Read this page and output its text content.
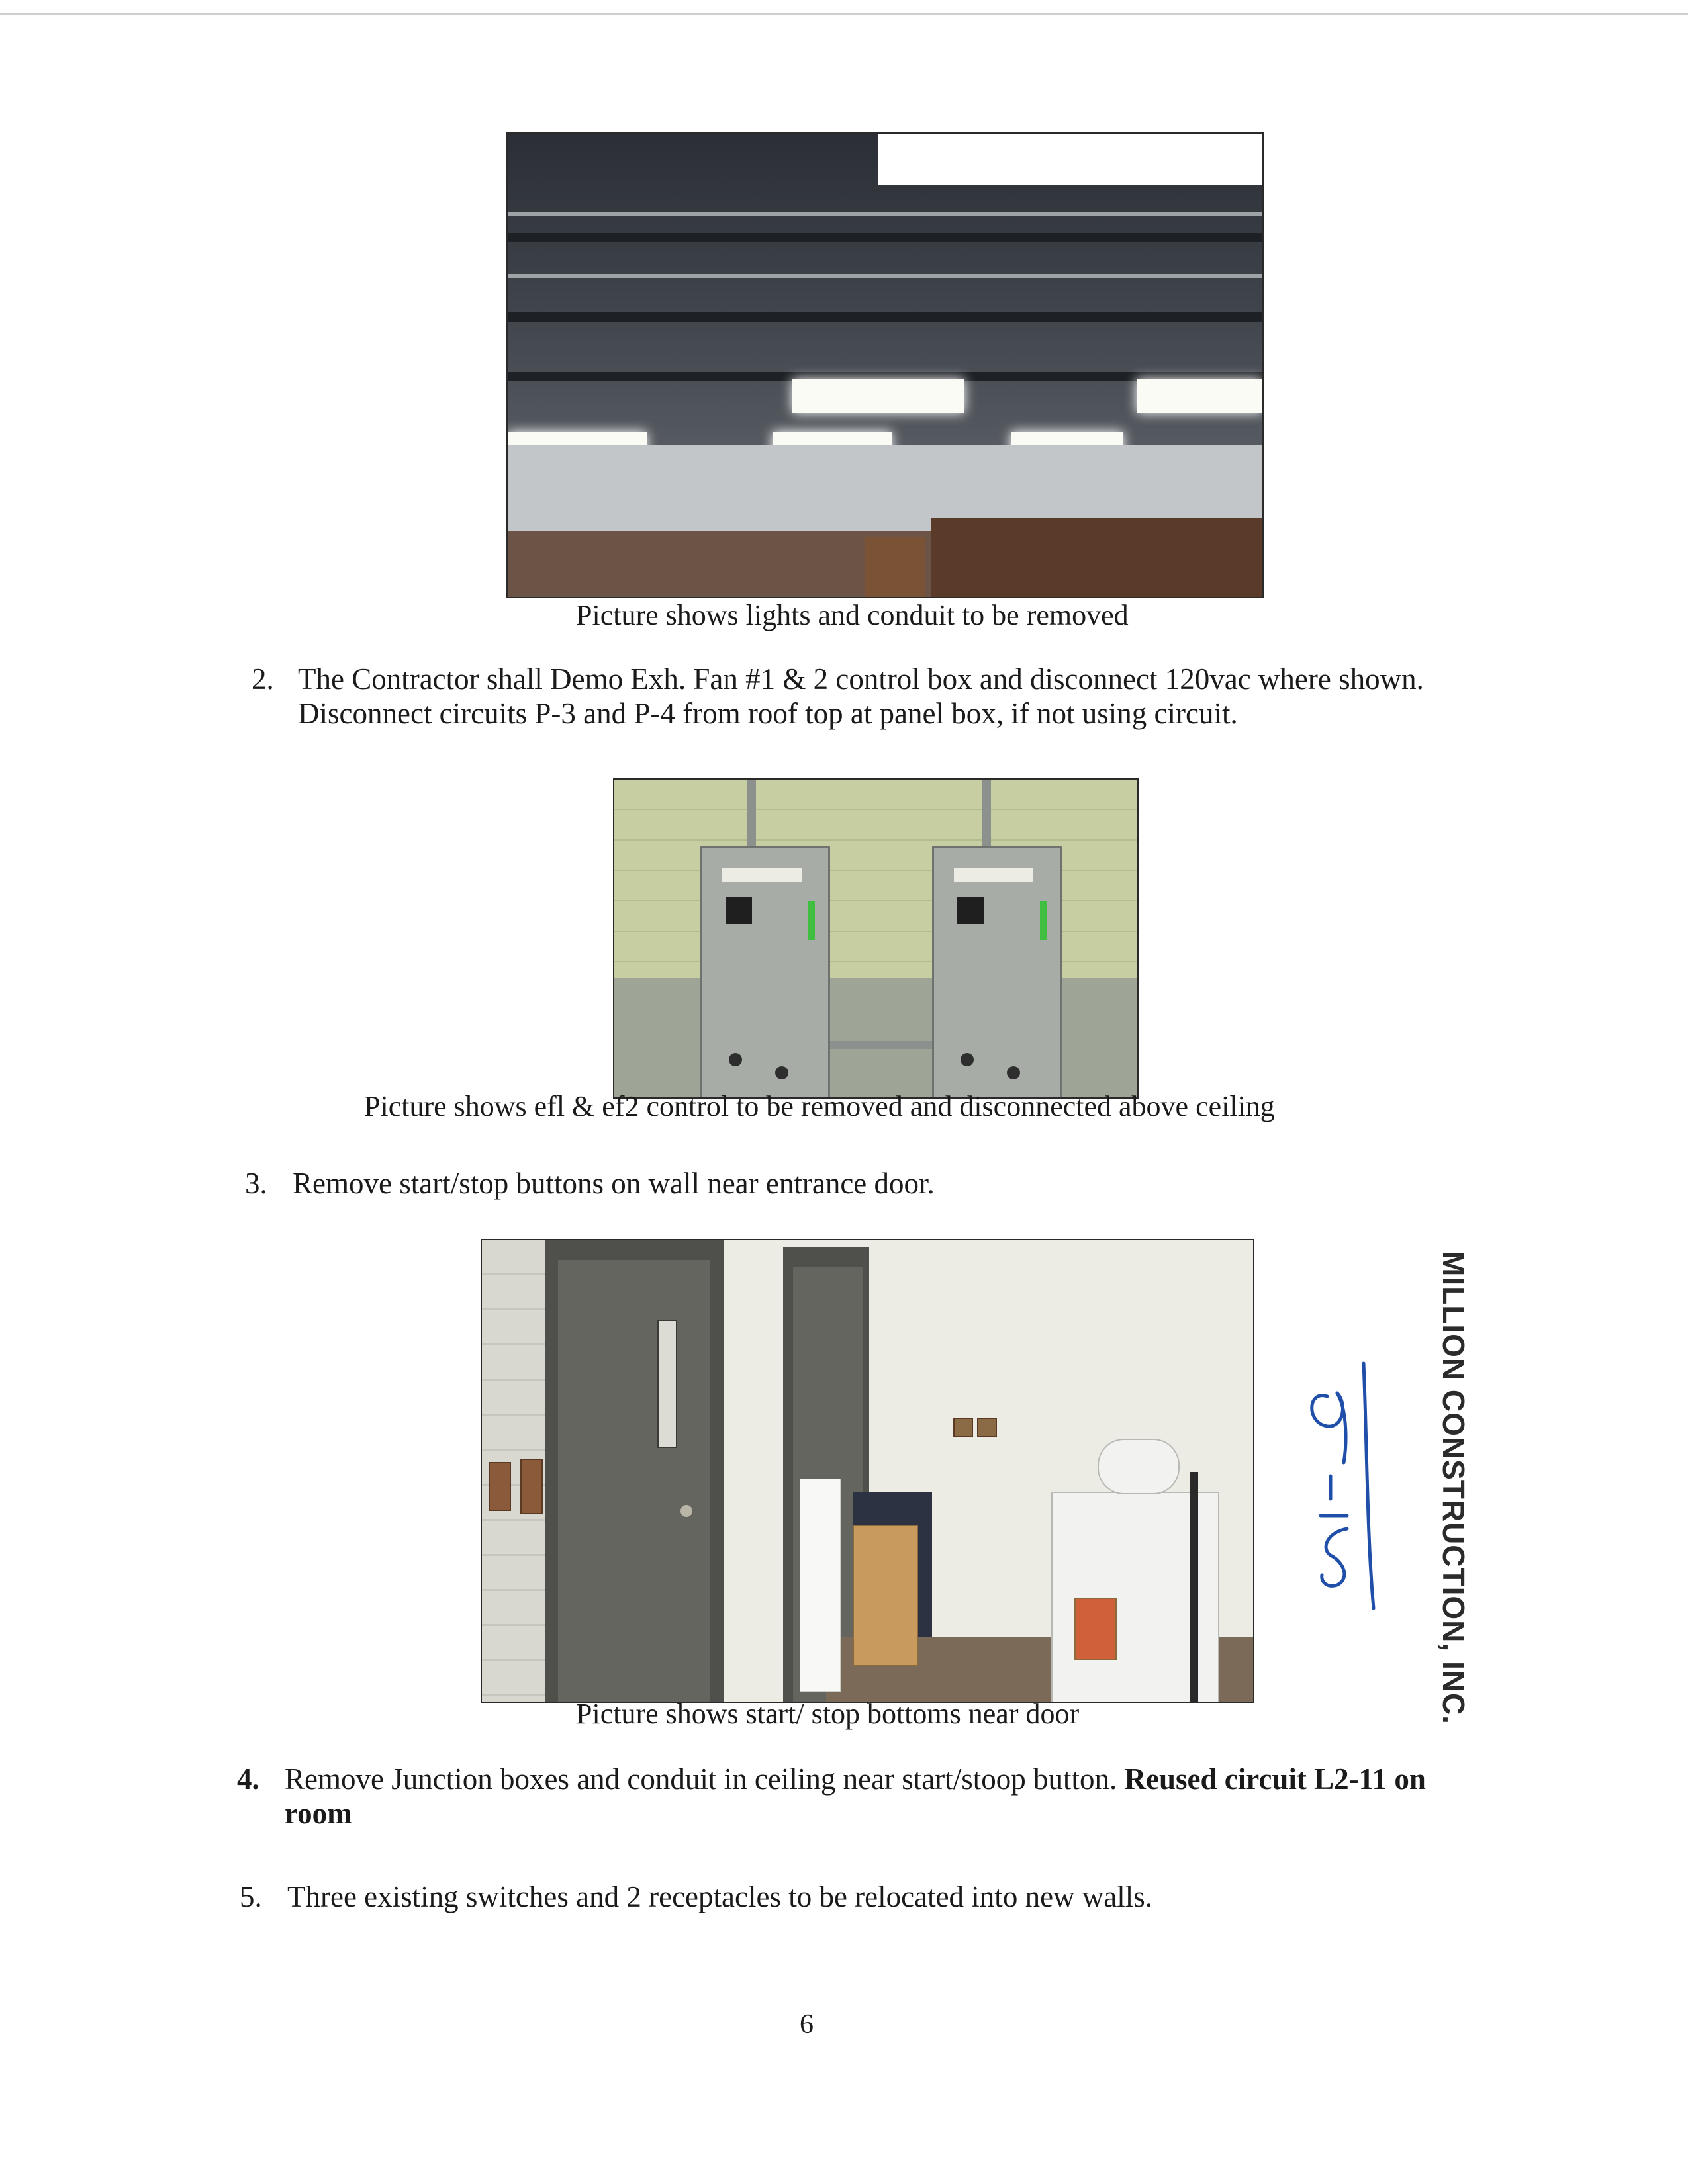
Picture shows lights and conduit to be removed
2. The Contractor shall Demo Exh. Fan #1 & 2 control box and disconnect 120vac where shown. Disconnect circuits P-3 and P-4 from roof top at panel box, if not using circuit.
Picture shows efl & ef2 control to be removed and disconnected above ceiling
3. Remove start/stop buttons on wall near entrance door.
Picture shows start/ stop bottoms near door
4. Remove Junction boxes and conduit in ceiling near start/stoop button. Reused circuit L2-11 on room
5. Three existing switches and 2 receptacles to be relocated into new walls.
MILLION CONSTRUCTION, INC.
6
